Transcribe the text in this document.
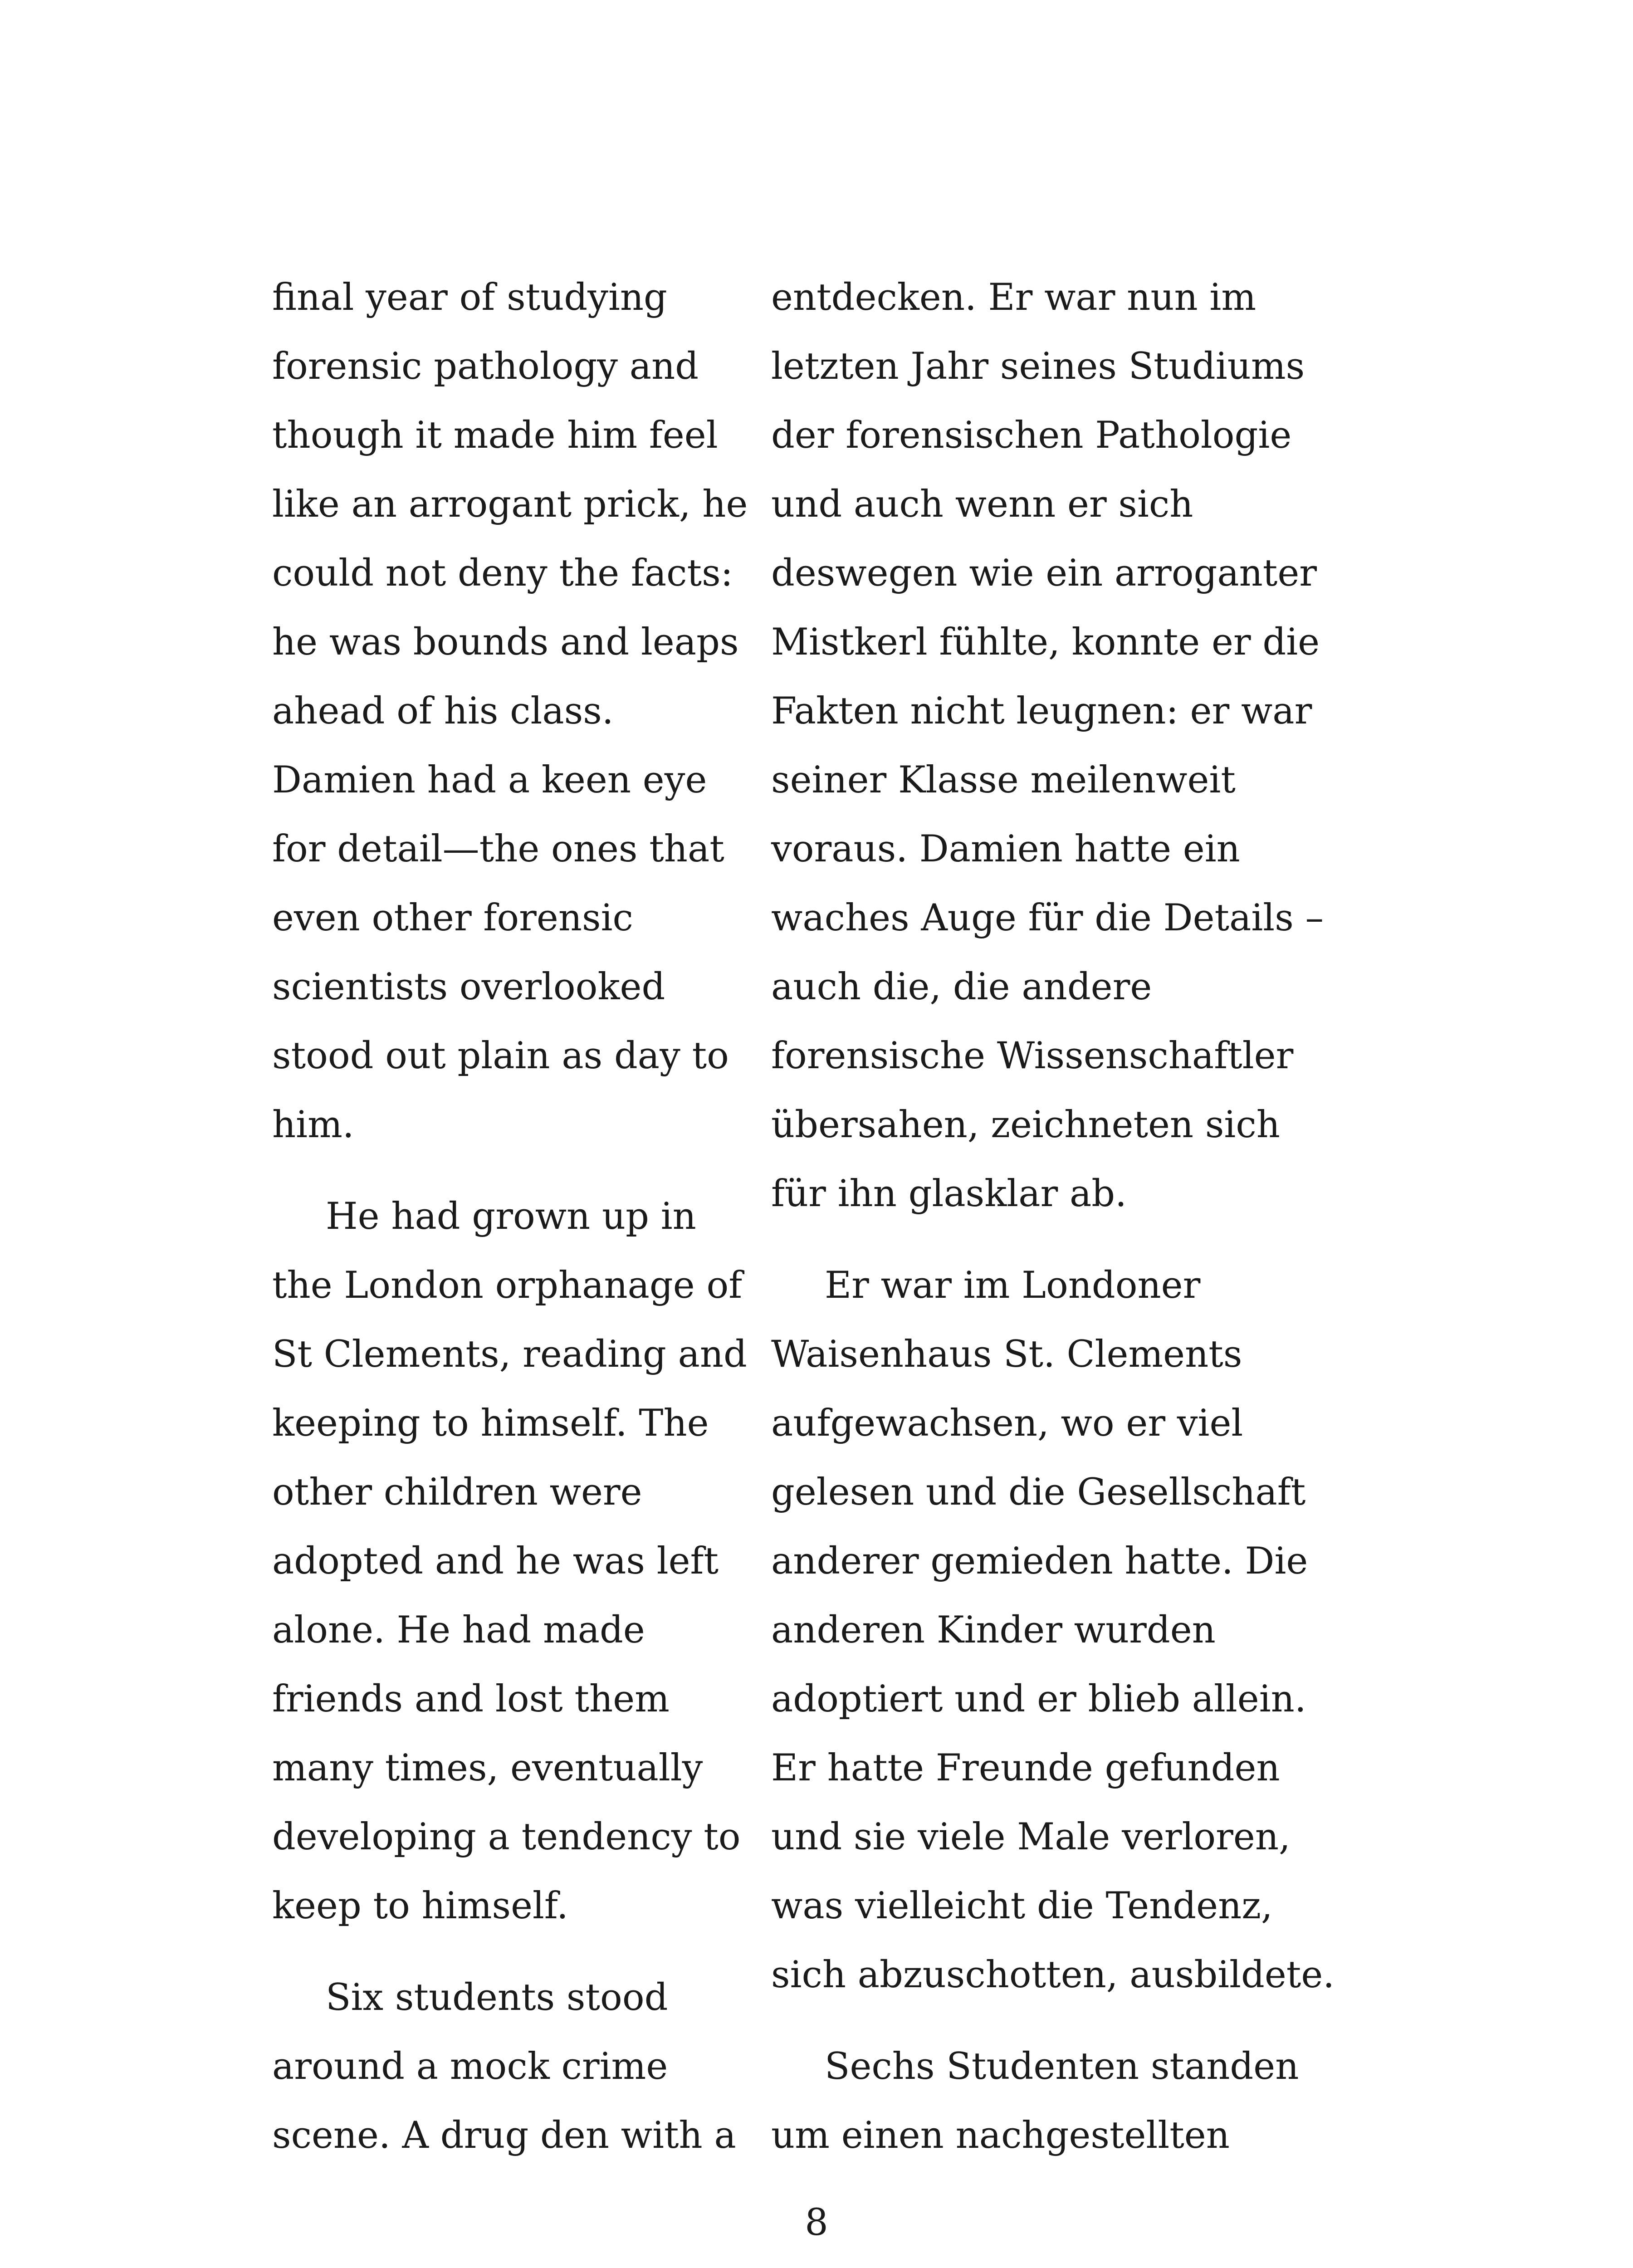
final year of studying
forensic pathology and
though it made him feel
like an arrogant prick, he
could not deny the facts:
he was bounds and leaps
ahead of his class.
Damien had a keen eye
for detail—the ones that
even other forensic
scientists overlooked
stood out plain as day to
him.
He had grown up in
the London orphanage of
St Clements, reading and
keeping to himself. The
other children were
adopted and he was left
alone. He had made
friends and lost them
many times, eventually
developing a tendency to
keep to himself.
Six students stood
around a mock crime
scene. A drug den with a
entdecken. Er war nun im
letzten Jahr seines Studiums
der forensischen Pathologie
und auch wenn er sich
deswegen wie ein arroganter
Mistkerl fühlte, konnte er die
Fakten nicht leugnen: er war
seiner Klasse meilenweit
voraus. Damien hatte ein
waches Auge für die Details –
auch die, die andere
forensische Wissenschaftler
übersahen, zeichneten sich
für ihn glasklar ab.
Er war im Londoner
Waisenhaus St. Clements
aufgewachsen, wo er viel
gelesen und die Gesellschaft
anderer gemieden hatte. Die
anderen Kinder wurden
adoptiert und er blieb allein.
Er hatte Freunde gefunden
und sie viele Male verloren,
was vielleicht die Tendenz,
sich abzuschotten, ausbildete.
Sechs Studenten standen
um einen nachgestellten
8
